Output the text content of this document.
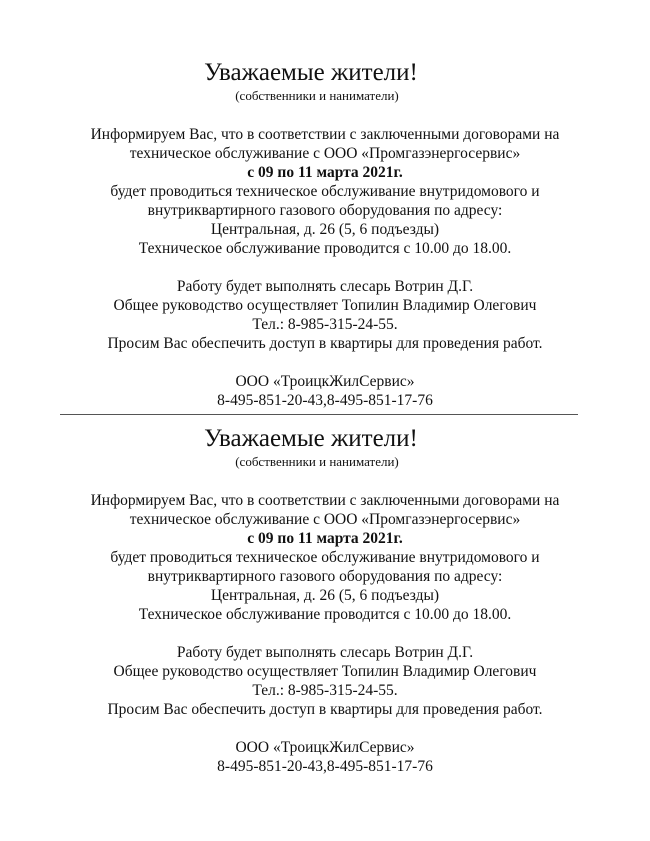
Уважаемые жители!

(собственники и наниматели)

Информируем Вас, что в соответствии с заключенными договорами на

техническое обслуживание с ООО «Промгазэнергосервис»

с 09 по 11 марта 2021г.

будет проводиться техническое обслуживание внутридомового и

внутриквартирного газового оборудования по адресу:

Центральная, д. 26 (5, 6 подъезды)

Техническое обслуживание проводится с 10.00 до 18.00.

Работу будет выполнять слесарь Вотрин Д.Г.

Общее руководство осуществляет Топилин Владимир Олегович

Тел.: 8-985-315-24-55.

Просим Вас обеспечить доступ в квартиры для проведения работ.

ООО «ТроицкЖилСервис»

8-495-851-20-43,8-495-851-17-76

Уважаемые жители!

(собственники и наниматели)

Информируем Вас, что в соответствии с заключенными договорами на

техническое обслуживание с ООО «Промгазэнергосервис»

с 09 по 11 марта 2021г.

будет проводиться техническое обслуживание внутридомового и

внутриквартирного газового оборудования по адресу:

Центральная, д. 26 (5, 6 подъезды)

Техническое обслуживание проводится с 10.00 до 18.00.

Работу будет выполнять слесарь Вотрин Д.Г.

Общее руководство осуществляет Топилин Владимир Олегович

Тел.: 8-985-315-24-55.

Просим Вас обеспечить доступ в квартиры для проведения работ.

ООО «ТроицкЖилСервис»

8-495-851-20-43,8-495-851-17-76
